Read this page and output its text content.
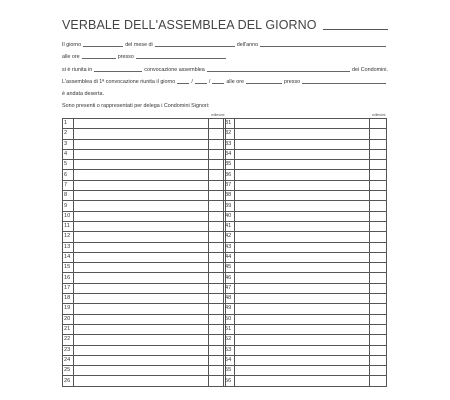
VERBALE DELL'ASSEMBLEA DEL GIORNO
Il giorno	del mese di	dell'anno
alle ore	presso
si è riunita in	convocazione assemblea	dei Condomini.
L'assemblea di 1ª convocazione riunita il giorno	/	/	alle ore	presso
è andata deserta.
Sono presenti o rappresentati per delega i Condomini Signori:
millesimi	millesimi
1		
2		
3		
4		
5		
6		
7		
8		
9		
10		
11		
12		
13		
14		
15		
16		
17		
18		
19		
20		
21		
22		
23		
24		
25		
26		
31		
32		
33		
34		
35		
36		
37		
38		
39		
40		
41		
42		
43		
44		
45		
46		
47		
48		
49		
50		
51		
52		
53		
54		
55		
56		
